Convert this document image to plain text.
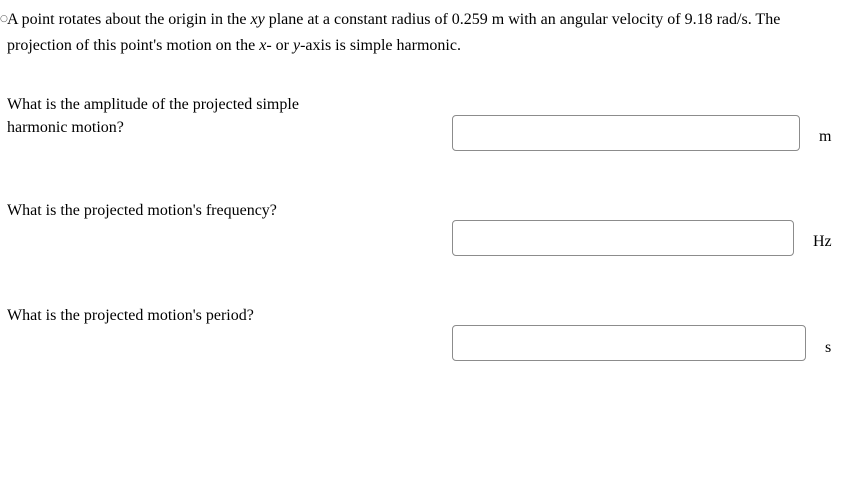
○ A point rotates about the origin in the xy plane at a constant radius of 0.259 m with an angular velocity of 9.18 rad/s. The projection of this point's motion on the x- or y-axis is simple harmonic.
What is the amplitude of the projected simple harmonic motion?
m
What is the projected motion's frequency?
Hz
What is the projected motion's period?
s
